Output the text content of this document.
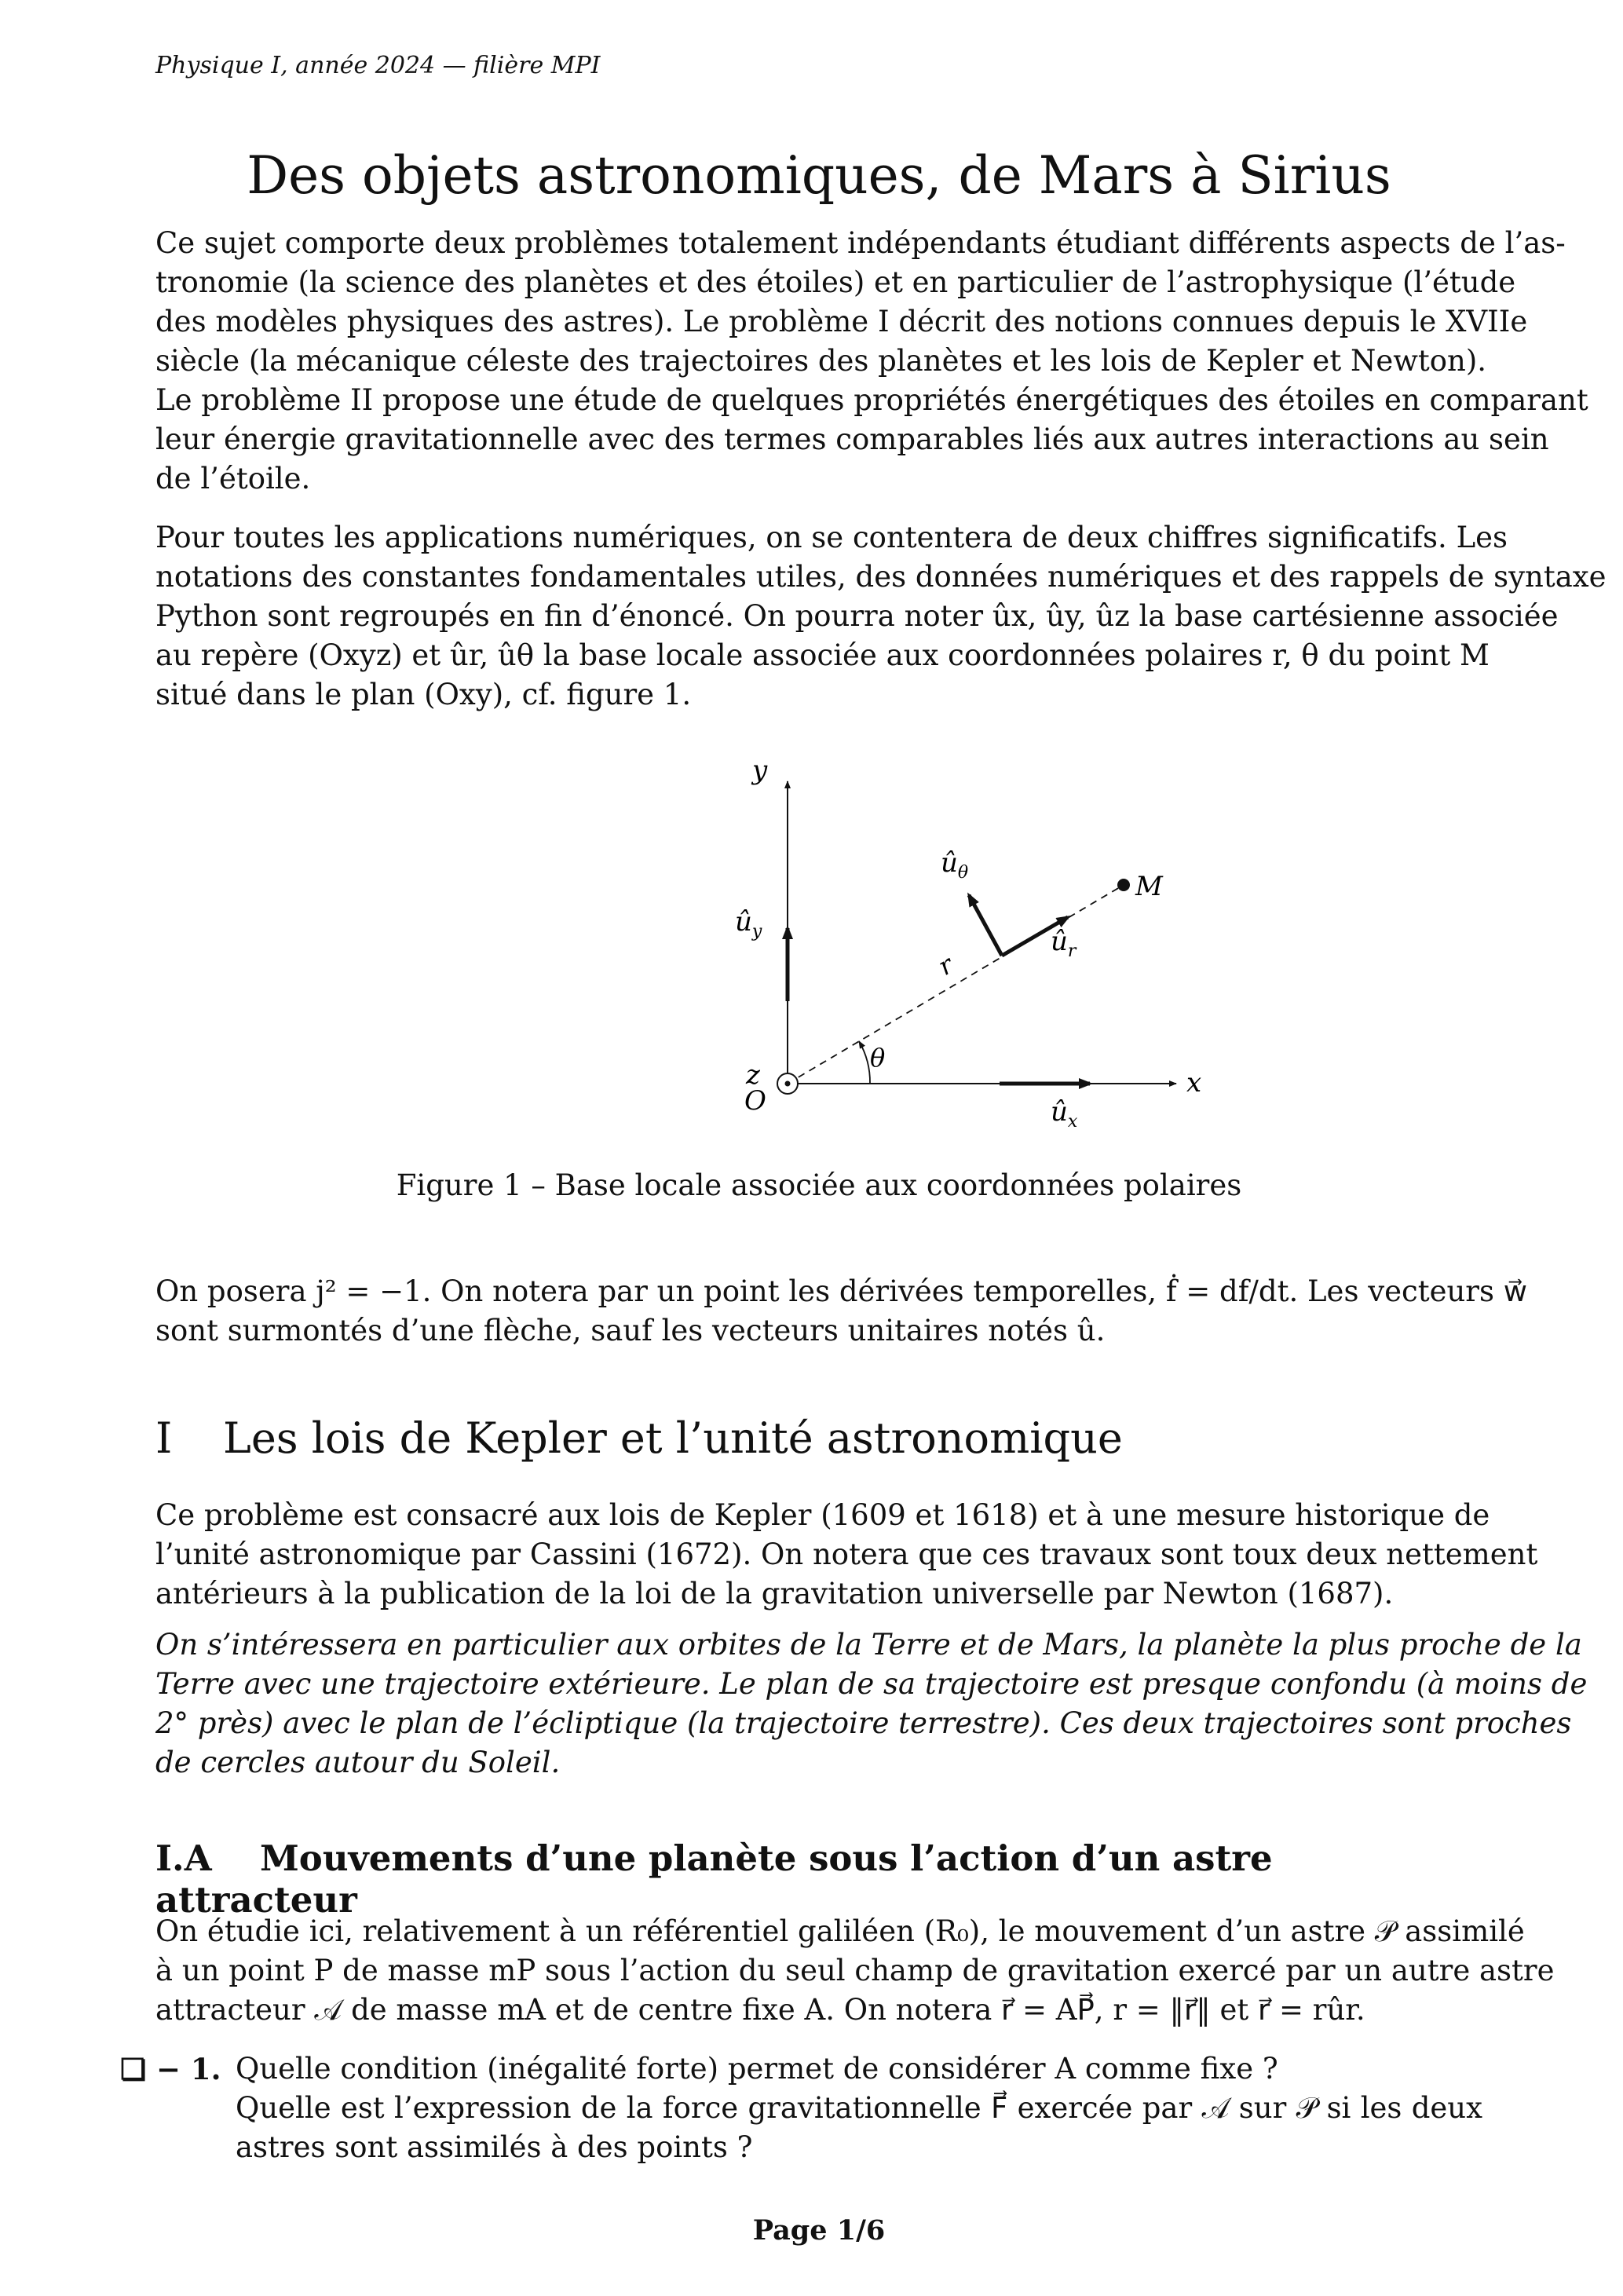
Physique I, année 2024 — filière MPI
Des objets astronomiques, de Mars à Sirius
Ce sujet comporte deux problèmes totalement indépendants étudiant différents aspects de l’as-
tronomie (la science des planètes et des étoiles) et en particulier de l’astrophysique (l’étude
des modèles physiques des astres). Le problème I décrit des notions connues depuis le XVIIe
siècle (la mécanique céleste des trajectoires des planètes et les lois de Kepler et Newton).
Le problème II propose une étude de quelques propriétés énergétiques des étoiles en comparant
leur énergie gravitationnelle avec des termes comparables liés aux autres interactions au sein
de l’étoile.
Pour toutes les applications numériques, on se contentera de deux chiffres significatifs. Les
notations des constantes fondamentales utiles, des données numériques et des rappels de syntaxe
Python sont regroupés en fin d’énoncé. On pourra noter ûx, ûy, ûz la base cartésienne associée
au repère (Oxyz) et ûr, ûθ la base locale associée aux coordonnées polaires r, θ du point M
situé dans le plan (Oxy), cf. figure 1.
y
x
z
O
M
r
θ
$û_y$
$û_x$
$û_r$
$û_\theta$
Figure 1 – Base locale associée aux coordonnées polaires
On posera j² = −1. On notera par un point les dérivées temporelles, ḟ = df/dt. Les vecteurs w⃗
sont surmontés d’une flèche, sauf les vecteurs unitaires notés û.
I Les lois de Kepler et l’unité astronomique
Ce problème est consacré aux lois de Kepler (1609 et 1618) et à une mesure historique de
l’unité astronomique par Cassini (1672). On notera que ces travaux sont toux deux nettement
antérieurs à la publication de la loi de la gravitation universelle par Newton (1687).
On s’intéressera en particulier aux orbites de la Terre et de Mars, la planète la plus proche de la
Terre avec une trajectoire extérieure. Le plan de sa trajectoire est presque confondu (à moins de
2° près) avec le plan de l’écliptique (la trajectoire terrestre). Ces deux trajectoires sont proches
de cercles autour du Soleil.
I.A Mouvements d’une planète sous l’action d’un astre attracteur
On étudie ici, relativement à un référentiel galiléen (R₀), le mouvement d’un astre 𝒫 assimilé
à un point P de masse mP sous l’action du seul champ de gravitation exercé par un autre astre
attracteur 𝒜 de masse mA et de centre fixe A. On notera r⃗ = AP⃗, r = ‖r⃗‖ et r⃗ = rûr.
❏ − 1. Quelle condition (inégalité forte) permet de considérer A comme fixe ?
Quelle est l’expression de la force gravitationnelle F⃗ exercée par 𝒜 sur 𝒫 si les deux
astres sont assimilés à des points ?
Page 1/6
